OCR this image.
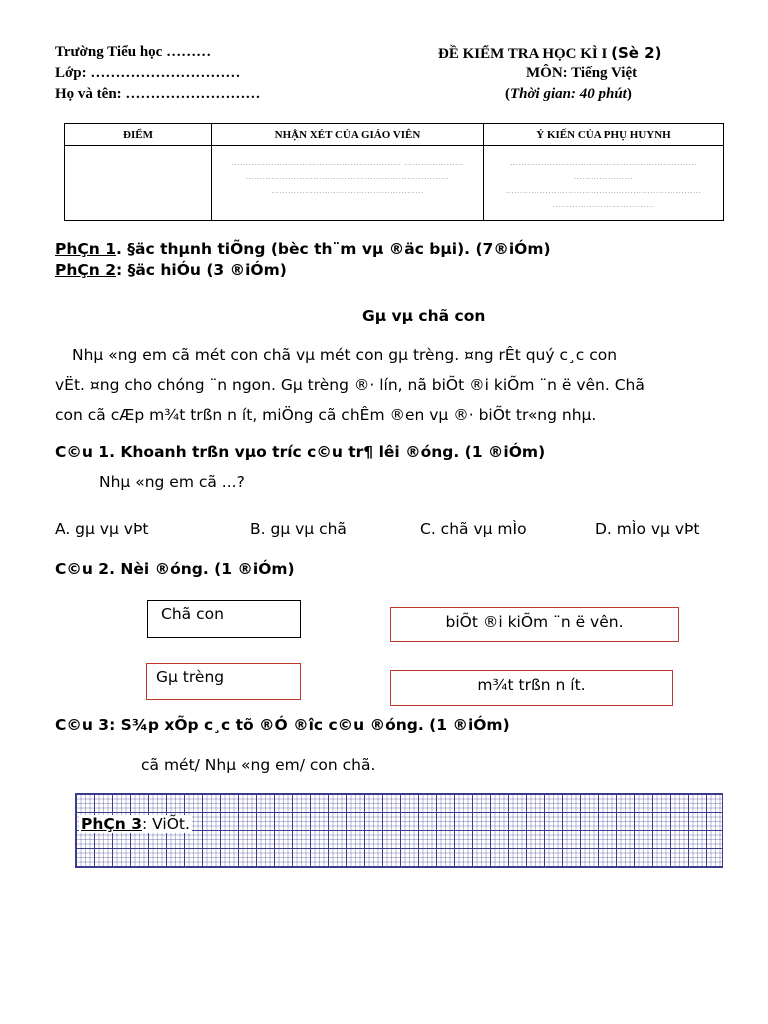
Trường Tiểu học ………
Lớp: …………………………
Họ và tên: ………………………
ĐỀ KIỂM TRA HỌC KÌ I (Sè 2)
MÔN: Tiếng Việt
(Thời gian: 40 phút)
ĐIỂM	NHẬN XÉT CỦA GIÁO VIÊN	Ý KIẾN CỦA PHỤ HUYNH

	…………………………………………………… ………………… ……………………………………………………………… ………………………………………………	………………………………………………………… ………………… …………………………………………………………… ………………………………
PhÇn 1. §äc thµnh tiÕng (bèc th¨m vµ ®äc bµi). (7®iÓm)
PhÇn 2: §äc hiÓu (3 ®iÓm)
Gµ vµ chã con
Nhµ «ng em cã mét con chã vµ mét con gµ trèng. ¤ng rÊt quý c¸c con
vËt. ¤ng cho chóng ¨n ngon. Gµ trèng ®· lín, nã biÕt ®i kiÕm ¨n ë vên. Chã
con cã cÆp m¾t trßn n ít, miÖng cã chÊm ®en vµ ®· biÕt tr«ng nhµ.
C©u 1. Khoanh trßn vµo tríc c©u tr¶ lêi ®óng. (1 ®iÓm)
Nhµ «ng em cã ...?
A. gµ vµ vÞt	B. gµ vµ chã	C. chã vµ mÌo	D. mÌo vµ vÞt
C©u 2. Nèi ®óng. (1 ®iÓm)
Chã con
Gµ trèng
biÕt ®i kiÕm ¨n ë vên.
m¾t trßn n ít.
C©u 3: S¾p xÕp c¸c tõ ®Ó ®îc c©u ®óng. (1 ®iÓm)
cã mét/ Nhµ «ng em/ con chã.
PhÇn 3: ViÕt.
